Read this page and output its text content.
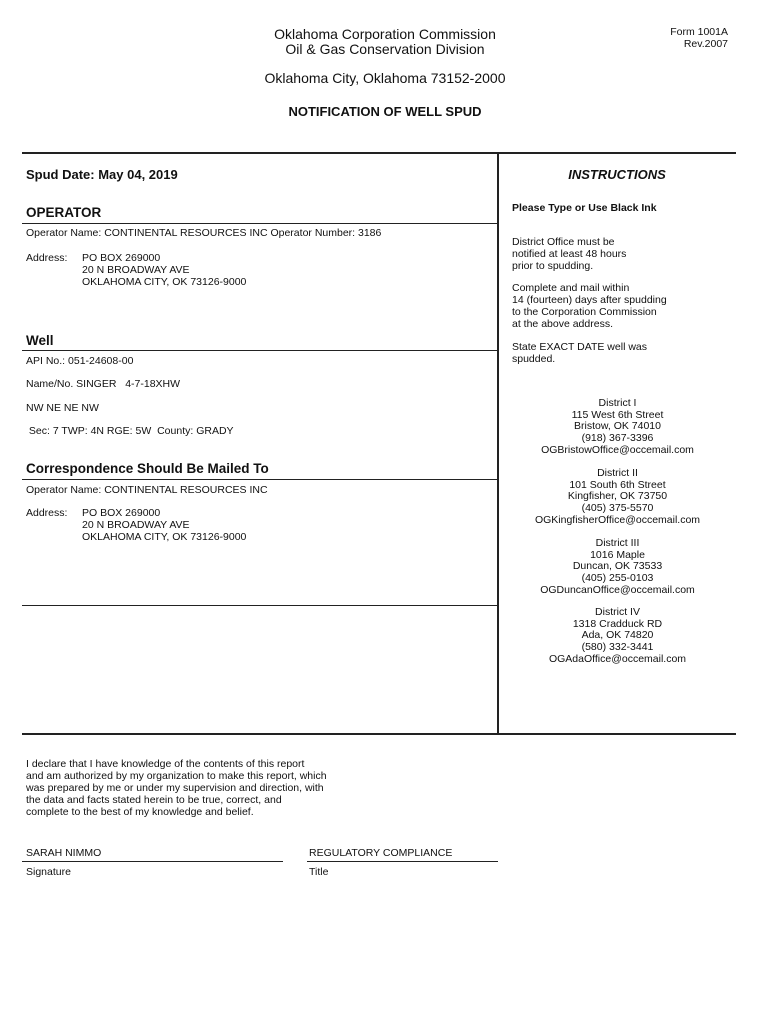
Oklahoma Corporation Commission
Oil & Gas Conservation Division
Oklahoma City, Oklahoma 73152-2000
NOTIFICATION OF WELL SPUD
Form 1001A
Rev.2007
Spud Date: May 04, 2019
OPERATOR
Operator Name: CONTINENTAL RESOURCES INC Operator Number: 3186
Address: PO BOX 269000
20 N BROADWAY AVE
OKLAHOMA CITY, OK 73126-9000
Well
API No.: 051-24608-00
Name/No. SINGER   4-7-18XHW
NW NE NE NW
Sec: 7 TWP: 4N RGE: 5W  County: GRADY
Correspondence Should Be Mailed To
Operator Name: CONTINENTAL RESOURCES INC
Address: PO BOX 269000
20 N BROADWAY AVE
OKLAHOMA CITY, OK 73126-9000
INSTRUCTIONS
Please Type or Use Black Ink
District Office must be
notified at least 48 hours
prior to spudding.
Complete and mail within
14 (fourteen) days after spudding
to the Corporation Commission
at the above address.
State EXACT DATE well was
spudded.
District I
115 West 6th Street
Bristow, OK 74010
(918) 367-3396
OGBristowOffice@occemail.com
District II
101 South 6th Street
Kingfisher, OK 73750
(405) 375-5570
OGKingfisherOffice@occemail.com
District III
1016 Maple
Duncan, OK 73533
(405) 255-0103
OGDuncanOffice@occemail.com
District IV
1318 Cradduck RD
Ada, OK 74820
(580) 332-3441
OGAdaOffice@occemail.com
I declare that I have knowledge of the contents of this report
and am authorized by my organization to make this report, which
was prepared by me or under my supervision and direction, with
the data and facts stated herein to be true, correct, and
complete to the best of my knowledge and belief.
SARAH NIMMO
Signature
REGULATORY COMPLIANCE
Title
